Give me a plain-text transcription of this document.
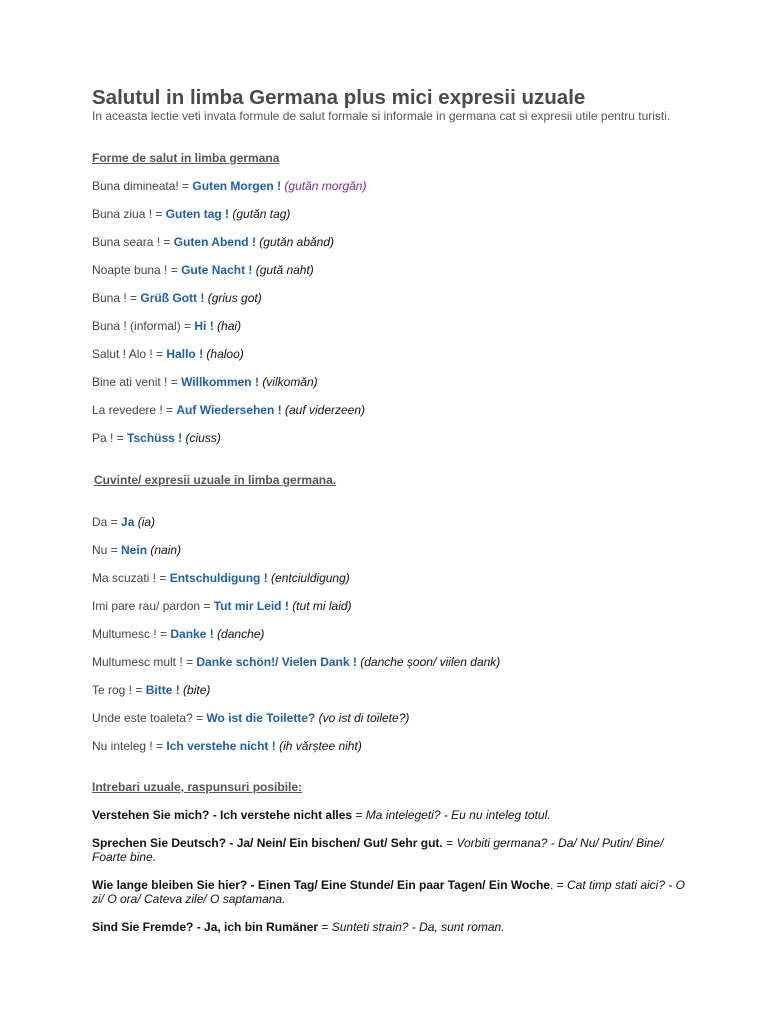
Salutul in limba Germana plus mici expresii uzuale
In aceasta lectie veti invata formule de salut formale si informale in germana cat si expresii utile pentru turisti.
Forme de salut in limba germana
Buna dimineata! = Guten Morgen ! (gutăn morgăn)
Buna ziua ! = Guten tag ! (gutăn tag)
Buna seara ! = Guten Abend ! (gutăn abănd)
Noapte buna ! = Gute Nacht ! (gută naht)
Buna ! = Grüß Gott ! (grius got)
Buna ! (informal) = Hi ! (hai)
Salut ! Alo ! = Hallo ! (haloo)
Bine ati venit ! = Willkommen ! (vilkomăn)
La revedere ! = Auf Wiedersehen ! (auf viderzeen)
Pa ! = Tschüss ! (ciuss)
Cuvinte/ expresii uzuale in limba germana.
Da = Ja (ia)
Nu = Nein (nain)
Ma scuzati ! = Entschuldigung ! (entciuldigung)
Imi pare rau/ pardon = Tut mir Leid ! (tut mi laid)
Multumesc ! = Danke ! (danche)
Multumesc mult ! = Danke schön!/ Vielen Dank ! (danche șoon/ viilen dank)
Te rog ! = Bitte ! (bite)
Unde este toaleta? = Wo ist die Toilette? (vo ist di toilete?)
Nu inteleg ! = Ich verstehe nicht ! (ih vărștee niht)
Intrebari uzuale, raspunsuri posibile:
Verstehen Sie mich? - Ich verstehe nicht alles = Ma intelegeti? - Eu nu inteleg totul.
Sprechen Sie Deutsch? - Ja/ Nein/ Ein bischen/ Gut/ Sehr gut. = Vorbiti germana? - Da/ Nu/ Putin/ Bine/ Foarte bine.
Wie lange bleiben Sie hier? - Einen Tag/ Eine Stunde/ Ein paar Tagen/ Ein Woche. = Cat timp stati aici? - O zi/ O ora/ Cateva zile/ O saptamana.
Sind Sie Fremde? - Ja, ich bin Rumäner = Sunteti strain? - Da, sunt roman.
